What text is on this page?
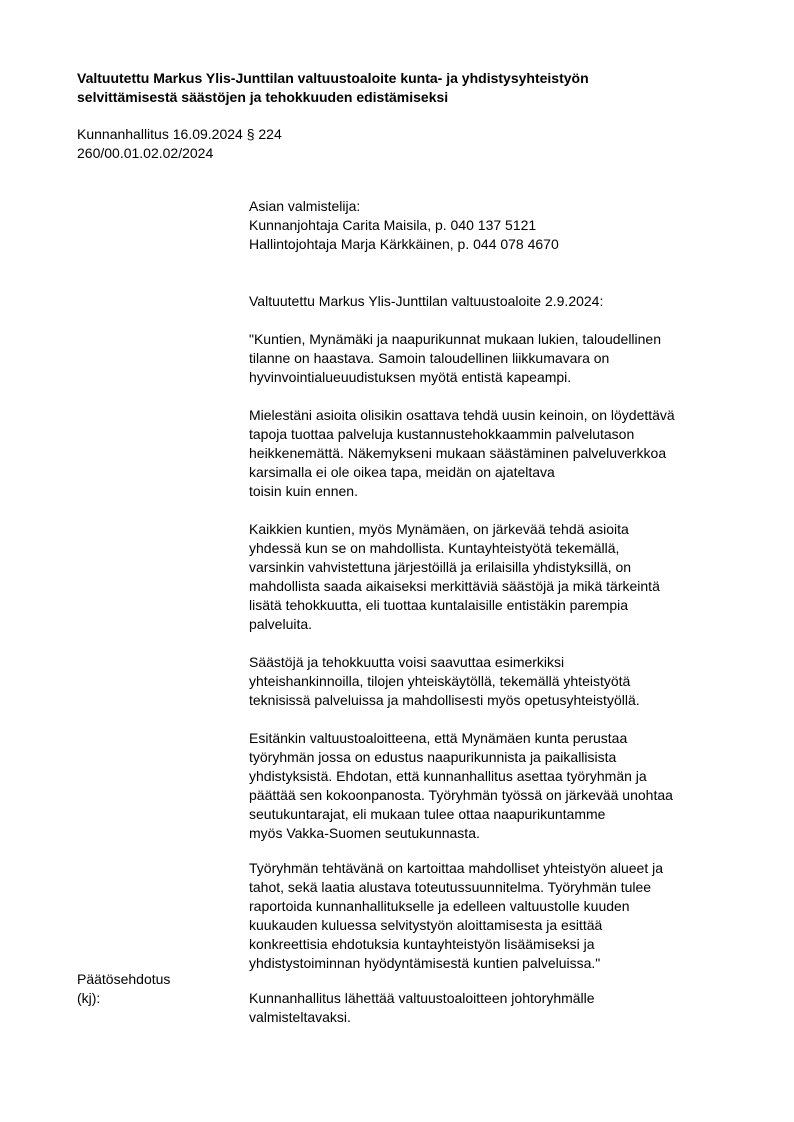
Valtuutettu Markus Ylis-Junttilan valtuustoaloite kunta- ja yhdistysyhteistyön
selvittämisestä säästöjen ja tehokkuuden edistämiseksi
Kunnanhallitus 16.09.2024 § 224
260/00.01.02.02/2024
Asian valmistelija:
Kunnanjohtaja Carita Maisila, p. 040 137 5121
Hallintojohtaja Marja Kärkkäinen, p. 044 078 4670
Valtuutettu Markus Ylis-Junttilan valtuustoaloite 2.9.2024:
"Kuntien, Mynämäki ja naapurikunnat mukaan lukien, taloudellinen
tilanne on haastava. Samoin taloudellinen liikkumavara on
hyvinvointialueuudistuksen myötä entistä kapeampi.
Mielestäni asioita olisikin osattava tehdä uusin keinoin, on löydettävä
tapoja tuottaa palveluja kustannustehokkaammin palvelutason
heikkenemättä. Näkemykseni mukaan säästäminen palveluverkkoa
karsimalla ei ole oikea tapa, meidän on ajateltava
toisin kuin ennen.
Kaikkien kuntien, myös Mynämäen, on järkevää tehdä asioita
yhdessä kun se on mahdollista. Kuntayhteistyötä tekemällä,
varsinkin vahvistettuna järjestöillä ja erilaisilla yhdistyksillä, on
mahdollista saada aikaiseksi merkittäviä säästöjä ja mikä tärkeintä
lisätä tehokkuutta, eli tuottaa kuntalaisille entistäkin parempia
palveluita.
Säästöjä ja tehokkuutta voisi saavuttaa esimerkiksi
yhteishankinnoilla, tilojen yhteiskäytöllä, tekemällä yhteistyötä
teknisissä palveluissa ja mahdollisesti myös opetusyhteistyöllä.
Esitänkin valtuustoaloitteena, että Mynämäen kunta perustaa
työryhmän jossa on edustus naapurikunnista ja paikallisista
yhdistyksistä. Ehdotan, että kunnanhallitus asettaa työryhmän ja
päättää sen kokoonpanosta. Työryhmän työssä on järkevää unohtaa
seutukuntarajat, eli mukaan tulee ottaa naapurikuntamme
myös Vakka-Suomen seutukunnasta.
Työryhmän tehtävänä on kartoittaa mahdolliset yhteistyön alueet ja
tahot, sekä laatia alustava toteutussuunnitelma. Työryhmän tulee
raportoida kunnanhallitukselle ja edelleen valtuustolle kuuden
kuukauden kuluessa selvitystyön aloittamisesta ja esittää
konkreettisia ehdotuksia kuntayhteistyön lisäämiseksi ja
yhdistystoiminnan hyödyntämisestä kuntien palveluissa."
Päätösehdotus
(kj):	Kunnanhallitus lähettää valtuustoaloitteen johtoryhmälle
valmisteltavaksi.
